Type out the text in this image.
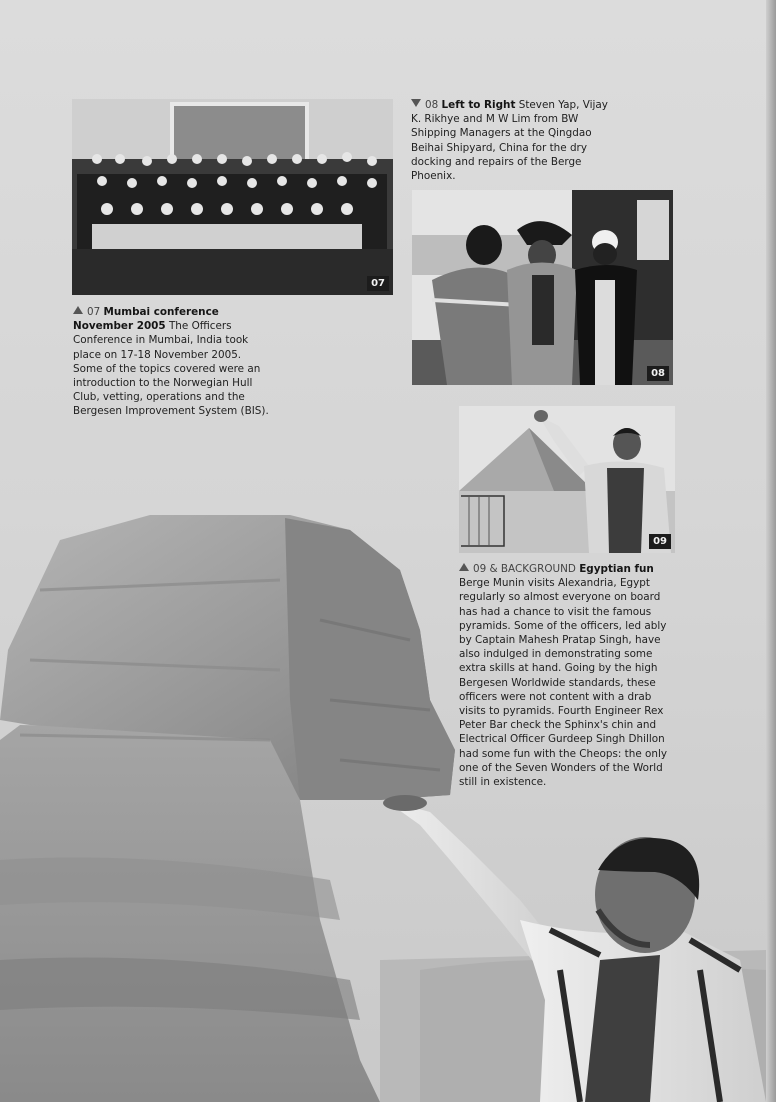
07
08
09
08 Left to Right Steven Yap, Vijay K. Rikhye and M W Lim from BW Shipping Managers at the Qingdao Beihai Shipyard, China for the dry docking and repairs of the Berge Phoenix.
07 Mumbai conference November 2005 The Officers Conference in Mumbai, India took place on 17-18 November 2005. Some of the topics covered were an introduction to the Norwegian Hull Club, vetting, operations and the Bergesen Improvement System (BIS).
09 & BACKGROUND Egyptian fun Berge Munin visits Alexandria, Egypt regularly so almost everyone on board has had a chance to visit the famous pyramids. Some of the officers, led ably by Captain Mahesh Pratap Singh, have also indulged in demonstrating some extra skills at hand. Going by the high Bergesen Worldwide standards, these officers were not content with a drab visits to pyramids. Fourth Engineer Rex Peter Bar check the Sphinx's chin and Electrical Officer Gurdeep Singh Dhillon had some fun with the Cheops: the only one of the Seven Wonders of the World still in existence.
